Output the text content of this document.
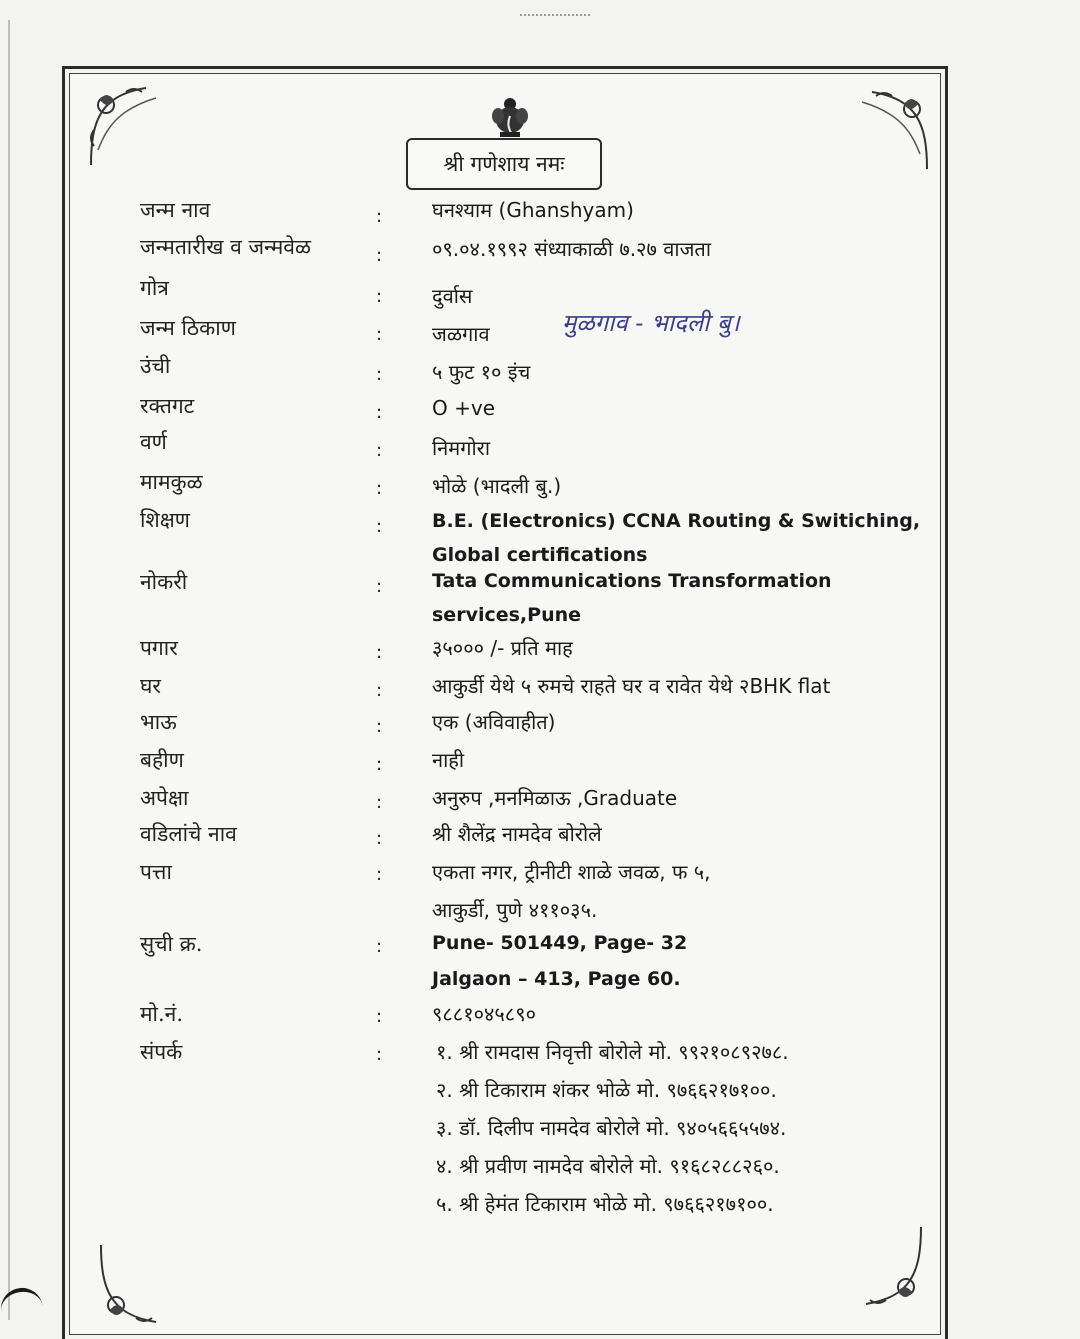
श्री गणेशाय नमः
जन्म नाव	: घनश्याम (Ghanshyam)
जन्मतारीख व जन्मवेळ	: ०९.०४.१९९२ संध्याकाळी ७.२७ वाजता
गोत्र	: दुर्वास
जन्म ठिकाण	: जळगाव	मुळगाव - भादली बु।
उंची	: ५ फुट १० इंच
रक्तगट	: O +ve
वर्ण	: निमगोरा
मामकुळ	: भोळे (भादली बु.)
शिक्षण	:	B.E. (Electronics) CCNA Routing & Switiching,
Global certifications
नोकरी	:	Tata Communications Transformation
services,Pune
पगार	: ३५००० /- प्रति माह
घर	: आकुर्डी येथे ५ रुमचे राहते घर व रावेत येथे २BHK flat
भाऊ	: एक (अविवाहीत)
बहीण	: नाही
अपेक्षा	: अनुरुप ,मनमिळाऊ ,Graduate
वडिलांचे नाव	: श्री शैलेंद्र नामदेव बोरोले
पत्ता	: एकता नगर, ट्रीनीटी शाळे जवळ, फ ५,
आकुर्डी, पुणे ४११०३५.
सुची क्र.	:	Pune- 501449, Page- 32
Jalgaon – 413, Page 60.
मो.नं.	: ९८८१०४५८९०
संपर्क	:	१. श्री रामदास निवृत्ती बोरोले मो. ९९२१०८९२७८.
२. श्री टिकाराम शंकर भोळे मो. ९७६६२१७१००.
३. डॉ. दिलीप नामदेव बोरोले मो. ९४०५६६५५७४.
४. श्री प्रवीण नामदेव बोरोले मो. ९१६८२८८२६०.
५. श्री हेमंत टिकाराम भोळे मो. ९७६६२१७१००.
